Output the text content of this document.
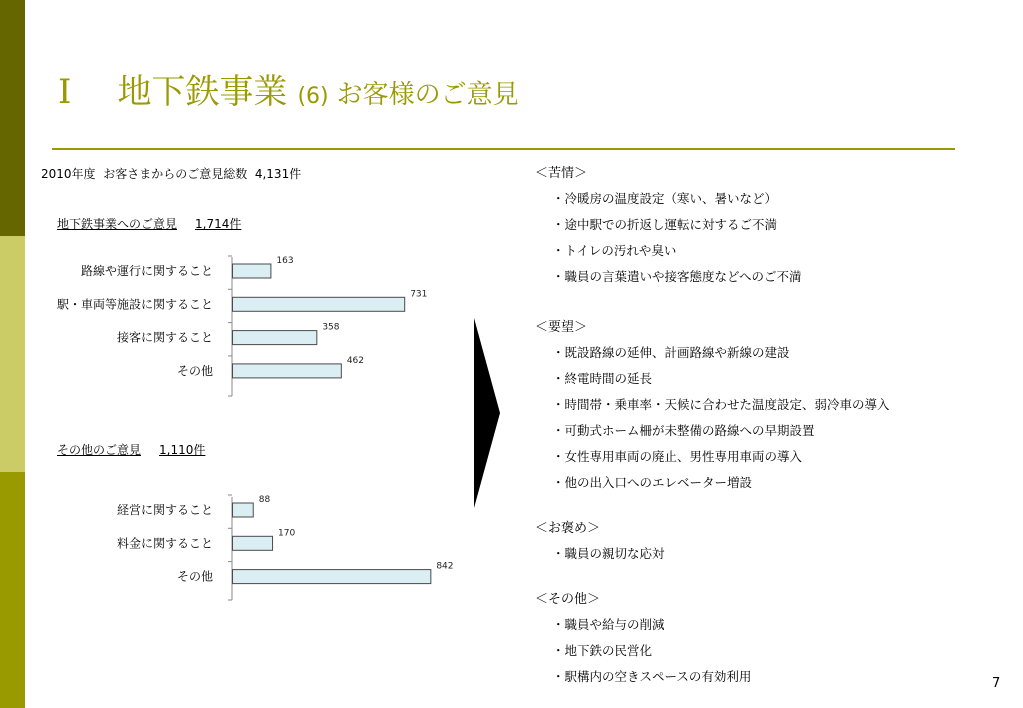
Ⅰ 地下鉄事業 (6) お客様のご意見
2010年度 お客さまからのご意見総数 4,131件
地下鉄事業へのご意見 1,714件
その他のご意見 1,110件
163
路線や運行に関すること
731
駅・車両等施設に関すること
358
接客に関すること
462
その他
88
経営に関すること
170
料金に関すること
842
その他
＜苦情＞
・冷暖房の温度設定（寒い、暑いなど）
・途中駅での折返し運転に対するご不満
・トイレの汚れや臭い
・職員の言葉遣いや接客態度などへのご不満
＜要望＞
・既設路線の延伸、計画路線や新線の建設
・終電時間の延長
・時間帯・乗車率・天候に合わせた温度設定、弱冷車の導入
・可動式ホーム柵が未整備の路線への早期設置
・女性専用車両の廃止、男性専用車両の導入
・他の出入口へのエレベーター増設
＜お褒め＞
・職員の親切な応対
＜その他＞
・職員や給与の削減
・地下鉄の民営化
・駅構内の空きスペースの有効利用	7
